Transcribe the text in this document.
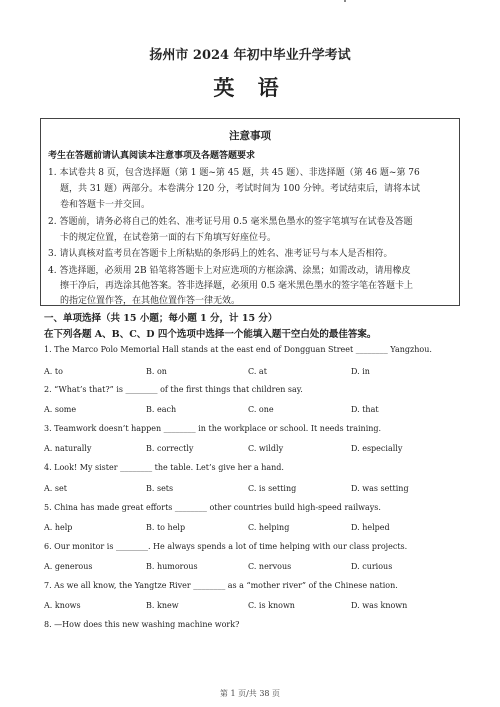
扬州市 2024 年初中毕业升学考试
英 语
注意事项
考生在答题前请认真阅读本注意事项及各题答题要求
1. 本试卷共 8 页，包含选择题（第 1 题~第 45 题，共 45 题）、非选择题（第 46 题~第 76
题，共 31 题）两部分。本卷满分 120 分，考试时间为 100 分钟。考试结束后，请将本试
卷和答题卡一并交回。
2. 答题前，请务必将自己的姓名、准考证号用 0.5 毫米黑色墨水的签字笔填写在试卷及答题
卡的规定位置，在试卷第一面的右下角填写好座位号。
3. 请认真核对监考员在答题卡上所粘贴的条形码上的姓名、准考证号与本人是否相符。
4. 答选择题，必须用 2B 铅笔将答题卡上对应选项的方框涂满、涂黑；如需改动，请用橡皮
擦干净后，再选涂其他答案。答非选择题，必须用 0.5 毫米黑色墨水的签字笔在答题卡上
的指定位置作答，在其他位置作答一律无效。
一、单项选择（共 15 小题；每小题 1 分，计 15 分）
在下列各题 A、B、C、D 四个选项中选择一个能填入题干空白处的最佳答案。
1. The Marco Polo Memorial Hall stands at the east end of Dongguan Street ________ Yangzhou.
A. to	B. on	C. at	D. in
2. “What’s that?” is ________ of the first things that children say.
A. some	B. each	C. one	D. that
3. Teamwork doesn’t happen ________ in the workplace or school. It needs training.
A. naturally	B. correctly	C. wildly	D. especially
4. Look! My sister ________ the table. Let’s give her a hand.
A. set	B. sets	C. is setting	D. was setting
5. China has made great efforts ________ other countries build high-speed railways.
A. help	B. to help	C. helping	D. helped
6. Our monitor is ________. He always spends a lot of time helping with our class projects.
A. generous	B. humorous	C. nervous	D. curious
7. As we all know, the Yangtze River ________ as a “mother river” of the Chinese nation.
A. knows	B. knew	C. is known	D. was known
8. —How does this new washing machine work?
第 1 页/共 38 页
